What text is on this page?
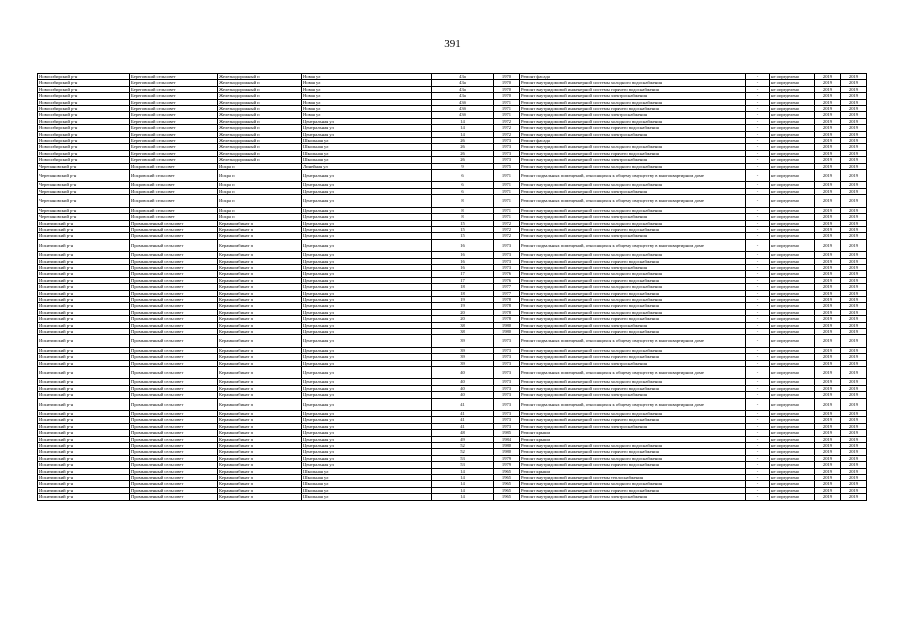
391
Новосибирский р-н	Береговский сельсовет	Железнодорожный п	Новая ул	43а	1970	Ремонт фасада	-	не определено	2019	2019
Новосибирский р-н	Береговский сельсовет	Железнодорожный п	Новая ул	43а	1970	Ремонт внутридомовой инженерной системы холодного водоснабжения	-	не определено	2019	2019
Новосибирский р-н	Береговский сельсовет	Железнодорожный п	Новая ул	43а	1970	Ремонт внутридомовой инженерной системы горячего водоснабжения	-	не определено	2019	2019
Новосибирский р-н	Береговский сельсовет	Железнодорожный п	Новая ул	43а	1970	Ремонт внутридомовой инженерной системы электроснабжения	-	не определено	2019	2019
Новосибирский р-н	Береговский сельсовет	Железнодорожный п	Новая ул	43б	1971	Ремонт внутридомовой инженерной системы холодного водоснабжения	-	не определено	2019	2019
Новосибирский р-н	Береговский сельсовет	Железнодорожный п	Новая ул	43б	1971	Ремонт внутридомовой инженерной системы горячего водоснабжения	-	не определено	2019	2019
Новосибирский р-н	Береговский сельсовет	Железнодорожный п	Новая ул	43б	1971	Ремонт внутридомовой инженерной системы электроснабжения	-	не определено	2019	2019
Новосибирский р-н	Береговский сельсовет	Железнодорожный п	Центральная ул	14	1972	Ремонт внутридомовой инженерной системы холодного водоснабжения	-	не определено	2019	2019
Новосибирский р-н	Береговский сельсовет	Железнодорожный п	Центральная ул	14	1972	Ремонт внутридомовой инженерной системы горячего водоснабжения	-	не определено	2019	2019
Новосибирский р-н	Береговский сельсовет	Железнодорожный п	Центральная ул	14	1972	Ремонт внутридомовой инженерной системы электроснабжения	-	не определено	2019	2019
Новосибирский р-н	Береговский сельсовет	Железнодорожный п	Школьная ул	26	1973	Ремонт фасада	-	не определено	2019	2019
Новосибирский р-н	Береговский сельсовет	Железнодорожный п	Школьная ул	26	1973	Ремонт внутридомовой инженерной системы холодного водоснабжения	-	не определено	2019	2019
Новосибирский р-н	Береговский сельсовет	Железнодорожный п	Школьная ул	26	1973	Ремонт внутридомовой инженерной системы горячего водоснабжения	-	не определено	2019	2019
Новосибирский р-н	Береговский сельсовет	Железнодорожный п	Школьная ул	26	1973	Ремонт внутридомовой инженерной системы электроснабжения	-	не определено	2019	2019
Черепановский р-н	Искровский сельсовет	Искра п	Линейная ул	9	1975	Ремонт внутридомовой инженерной системы холодного водоснабжения	-	не определено	2019	2019
Черепановский р-н	Искровский сельсовет	Искра п	Центральная ул	6	1971	Ремонт подвальных помещений, относящихся к общему имуществу в многоквартирном доме	-	не определено	2019	2019
Черепановский р-н	Искровский сельсовет	Искра п	Центральная ул	6	1971	Ремонт внутридомовой инженерной системы холодного водоснабжения	-	не определено	2019	2019
Черепановский р-н	Искровский сельсовет	Искра п	Центральная ул	6	1971	Ремонт внутридомовой инженерной системы электроснабжения	-	не определено	2019	2019
Черепановский р-н	Искровский сельсовет	Искра п	Центральная ул	8	1971	Ремонт подвальных помещений, относящихся к общему имуществу в многоквартирном доме	-	не определено	2019	2019
Черепановский р-н	Искровский сельсовет	Искра п	Центральная ул	8	1971	Ремонт внутридомовой инженерной системы холодного водоснабжения	-	не определено	2019	2019
Черепановский р-н	Искровский сельсовет	Искра п	Центральная ул	8	1971	Ремонт внутридомовой инженерной системы электроснабжения	-	не определено	2019	2019
Искитимский р-н	Промышленный сельсовет	Керамкомбинат п	Центральная ул	15	1972	Ремонт внутридомовой инженерной системы холодного водоснабжения	-	не определено	2019	2019
Искитимский р-н	Промышленный сельсовет	Керамкомбинат п	Центральная ул	15	1972	Ремонт внутридомовой инженерной системы горячего водоснабжения	-	не определено	2019	2019
Искитимский р-н	Промышленный сельсовет	Керамкомбинат п	Центральная ул	15	1972	Ремонт внутридомовой инженерной системы электроснабжения	-	не определено	2019	2019
Искитимский р-н	Промышленный сельсовет	Керамкомбинат п	Центральная ул	16	1973	Ремонт подвальных помещений, относящихся к общему имуществу в многоквартирном доме	-	не определено	2019	2019
Искитимский р-н	Промышленный сельсовет	Керамкомбинат п	Центральная ул	16	1973	Ремонт внутридомовой инженерной системы холодного водоснабжения	-	не определено	2019	2019
Искитимский р-н	Промышленный сельсовет	Керамкомбинат п	Центральная ул	16	1973	Ремонт внутридомовой инженерной системы горячего водоснабжения	-	не определено	2019	2019
Искитимский р-н	Промышленный сельсовет	Керамкомбинат п	Центральная ул	16	1973	Ремонт внутридомовой инженерной системы электроснабжения	-	не определено	2019	2019
Искитимский р-н	Промышленный сельсовет	Керамкомбинат п	Центральная ул	17	1976	Ремонт внутридомовой инженерной системы холодного водоснабжения	-	не определено	2019	2019
Искитимский р-н	Промышленный сельсовет	Керамкомбинат п	Центральная ул	17	1976	Ремонт внутридомовой инженерной системы горячего водоснабжения	-	не определено	2019	2019
Искитимский р-н	Промышленный сельсовет	Керамкомбинат п	Центральная ул	18	1977	Ремонт внутридомовой инженерной системы холодного водоснабжения	-	не определено	2019	2019
Искитимский р-н	Промышленный сельсовет	Керамкомбинат п	Центральная ул	18	1977	Ремонт внутридомовой инженерной системы горячего водоснабжения	-	не определено	2019	2019
Искитимский р-н	Промышленный сельсовет	Керамкомбинат п	Центральная ул	19	1978	Ремонт внутридомовой инженерной системы холодного водоснабжения	-	не определено	2019	2019
Искитимский р-н	Промышленный сельсовет	Керамкомбинат п	Центральная ул	19	1978	Ремонт внутридомовой инженерной системы горячего водоснабжения	-	не определено	2019	2019
Искитимский р-н	Промышленный сельсовет	Керамкомбинат п	Центральная ул	20	1978	Ремонт внутридомовой инженерной системы холодного водоснабжения	-	не определено	2019	2019
Искитимский р-н	Промышленный сельсовет	Керамкомбинат п	Центральная ул	20	1978	Ремонт внутридомовой инженерной системы горячего водоснабжения	-	не определено	2019	2019
Искитимский р-н	Промышленный сельсовет	Керамкомбинат п	Центральная ул	38	1980	Ремонт внутридомовой инженерной системы электроснабжения	-	не определено	2019	2019
Искитимский р-н	Промышленный сельсовет	Керамкомбинат п	Центральная ул	38	1980	Ремонт внутридомовой инженерной системы горячего водоснабжения	-	не определено	2019	2019
Искитимский р-н	Промышленный сельсовет	Керамкомбинат п	Центральная ул	39	1973	Ремонт подвальных помещений, относящихся к общему имуществу в многоквартирном доме	-	не определено	2019	2019
Искитимский р-н	Промышленный сельсовет	Керамкомбинат п	Центральная ул	39	1973	Ремонт внутридомовой инженерной системы холодного водоснабжения	-	не определено	2019	2019
Искитимский р-н	Промышленный сельсовет	Керамкомбинат п	Центральная ул	39	1973	Ремонт внутридомовой инженерной системы горячего водоснабжения	-	не определено	2019	2019
Искитимский р-н	Промышленный сельсовет	Керамкомбинат п	Центральная ул	39	1973	Ремонт внутридомовой инженерной системы электроснабжения	-	не определено	2019	2019
Искитимский р-н	Промышленный сельсовет	Керамкомбинат п	Центральная ул	40	1973	Ремонт подвальных помещений, относящихся к общему имуществу в многоквартирном доме	-	не определено	2019	2019
Искитимский р-н	Промышленный сельсовет	Керамкомбинат п	Центральная ул	40	1973	Ремонт внутридомовой инженерной системы холодного водоснабжения	-	не определено	2019	2019
Искитимский р-н	Промышленный сельсовет	Керамкомбинат п	Центральная ул	40	1973	Ремонт внутридомовой инженерной системы горячего водоснабжения	-	не определено	2019	2019
Искитимский р-н	Промышленный сельсовет	Керамкомбинат п	Центральная ул	40	1973	Ремонт внутридомовой инженерной системы электроснабжения	-	не определено	2019	2019
Искитимский р-н	Промышленный сельсовет	Керамкомбинат п	Центральная ул	41	1973	Ремонт подвальных помещений, относящихся к общему имуществу в многоквартирном доме	-	не определено	2019	2019
Искитимский р-н	Промышленный сельсовет	Керамкомбинат п	Центральная ул	41	1973	Ремонт внутридомовой инженерной системы холодного водоснабжения	-	не определено	2019	2019
Искитимский р-н	Промышленный сельсовет	Керамкомбинат п	Центральная ул	41	1973	Ремонт внутридомовой инженерной системы горячего водоснабжения	-	не определено	2019	2019
Искитимский р-н	Промышленный сельсовет	Керамкомбинат п	Центральная ул	41	1973	Ремонт внутридомовой инженерной системы электроснабжения	-	не определено	2019	2019
Искитимский р-н	Промышленный сельсовет	Керамкомбинат п	Центральная ул	48	1985	Ремонт крыши	-	не определено	2019	2019
Искитимский р-н	Промышленный сельсовет	Керамкомбинат п	Центральная ул	49	1984	Ремонт крыши	-	не определено	2019	2019
Искитимский р-н	Промышленный сельсовет	Керамкомбинат п	Центральная ул	52	1980	Ремонт внутридомовой инженерной системы холодного водоснабжения	-	не определено	2019	2019
Искитимский р-н	Промышленный сельсовет	Керамкомбинат п	Центральная ул	52	1980	Ремонт внутридомовой инженерной системы горячего водоснабжения	-	не определено	2019	2019
Искитимский р-н	Промышленный сельсовет	Керамкомбинат п	Центральная ул	53	1979	Ремонт внутридомовой инженерной системы холодного водоснабжения	-	не определено	2019	2019
Искитимский р-н	Промышленный сельсовет	Керамкомбинат п	Центральная ул	53	1979	Ремонт внутридомовой инженерной системы горячего водоснабжения	-	не определено	2019	2019
Искитимский р-н	Промышленный сельсовет	Керамкомбинат п	Школьная ул	14	1965	Ремонт крыши	-	не определено	2019	2019
Искитимский р-н	Промышленный сельсовет	Керамкомбинат п	Школьная ул	14	1965	Ремонт внутридомовой инженерной системы теплоснабжения	-	не определено	2019	2019
Искитимский р-н	Промышленный сельсовет	Керамкомбинат п	Школьная ул	14	1965	Ремонт внутридомовой инженерной системы холодного водоснабжения	-	не определено	2019	2019
Искитимский р-н	Промышленный сельсовет	Керамкомбинат п	Школьная ул	14	1965	Ремонт внутридомовой инженерной системы горячего водоснабжения	-	не определено	2019	2019
Искитимский р-н	Промышленный сельсовет	Керамкомбинат п	Школьная ул	14	1965	Ремонт внутридомовой инженерной системы электроснабжения	-	не определено	2019	2019
